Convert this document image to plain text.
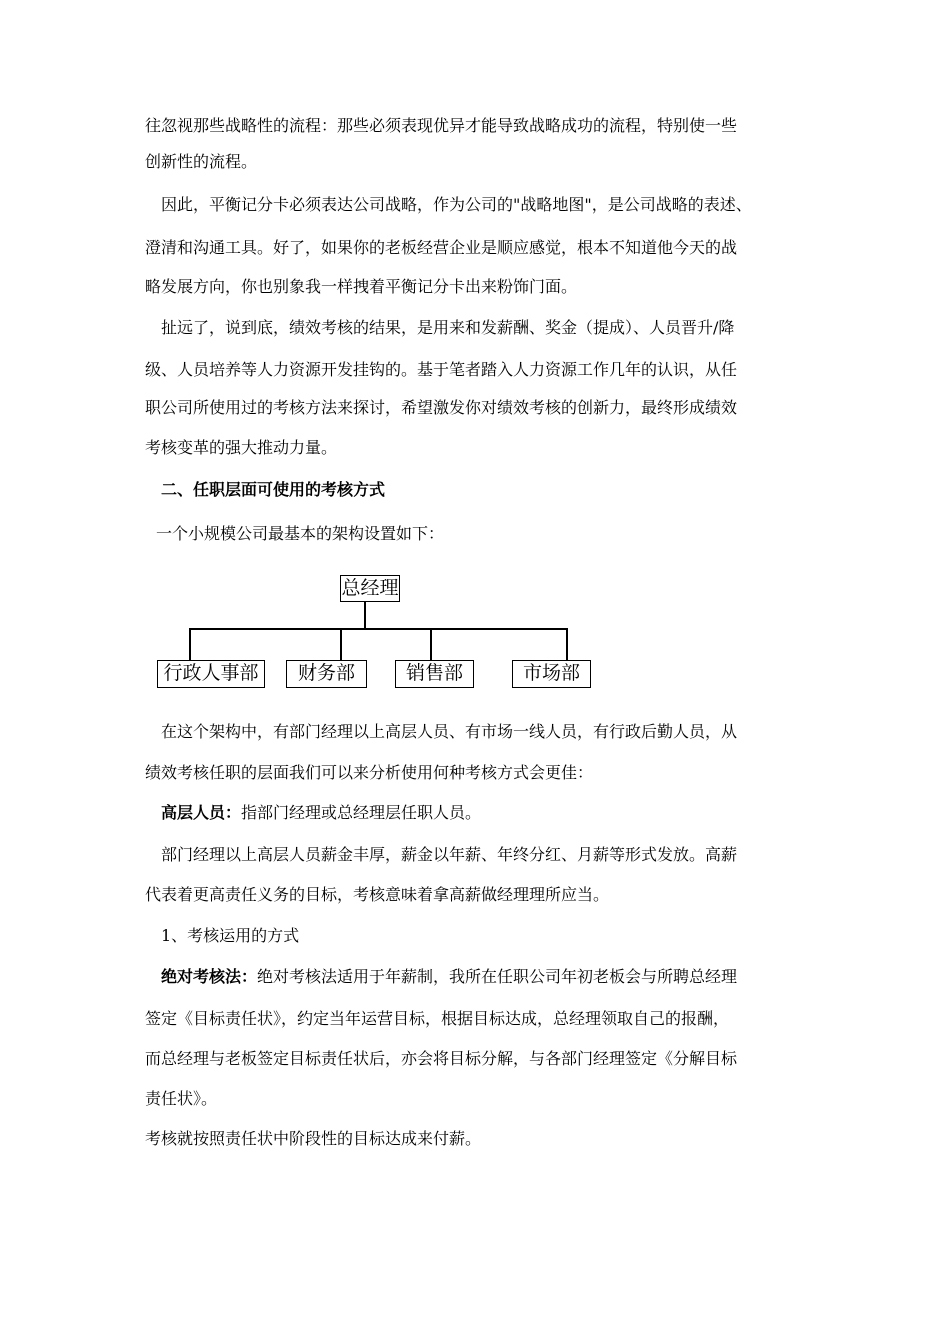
往忽视那些战略性的流程：那些必须表现优异才能导致战略成功的流程，特别使一些
创新性的流程。
因此，平衡记分卡必须表达公司战略，作为公司的"战略地图"，是公司战略的表述、
澄清和沟通工具。好了，如果你的老板经营企业是顺应感觉，根本不知道他今天的战
略发展方向，你也别象我一样拽着平衡记分卡出来粉饰门面。
扯远了，说到底，绩效考核的结果，是用来和发薪酬、奖金（提成）、人员晋升/降
级、人员培养等人力资源开发挂钩的。基于笔者踏入人力资源工作几年的认识，从任
职公司所使用过的考核方法来探讨，希望激发你对绩效考核的创新力，最终形成绩效
考核变革的强大推动力量。
二、任职层面可使用的考核方式
一个小规模公司最基本的架构设置如下：
总经理
行政人事部	财务部	销售部	市场部
在这个架构中，有部门经理以上高层人员、有市场一线人员，有行政后勤人员，从
绩效考核任职的层面我们可以来分析使用何种考核方式会更佳：
高层人员：指部门经理或总经理层任职人员。
部门经理以上高层人员薪金丰厚，薪金以年薪、年终分红、月薪等形式发放。高薪
代表着更高责任义务的目标，考核意味着拿高薪做经理理所应当。
1、考核运用的方式
绝对考核法：绝对考核法适用于年薪制，我所在任职公司年初老板会与所聘总经理
签定《目标责任状》，约定当年运营目标，根据目标达成，总经理领取自己的报酬，
而总经理与老板签定目标责任状后，亦会将目标分解，与各部门经理签定《分解目标
责任状》。
考核就按照责任状中阶段性的目标达成来付薪。
